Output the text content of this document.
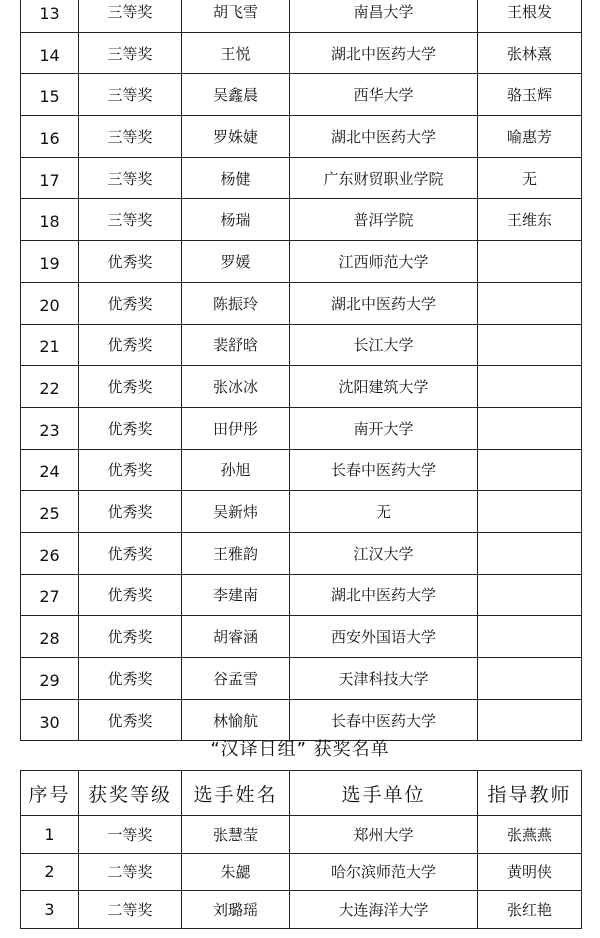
13	三等奖	胡飞雪	南昌大学	王根发
14	三等奖	王悦	湖北中医药大学	张林熹
15	三等奖	吴鑫晨	西华大学	骆玉辉
16	三等奖	罗姝婕	湖北中医药大学	喻惠芳
17	三等奖	杨健	广东财贸职业学院	无
18	三等奖	杨瑞	普洱学院	王维东
19	优秀奖	罗媛	江西师范大学	
20	优秀奖	陈振玲	湖北中医药大学	
21	优秀奖	裴舒晗	长江大学	
22	优秀奖	张冰冰	沈阳建筑大学	
23	优秀奖	田伊彤	南开大学	
24	优秀奖	孙旭	长春中医药大学	
25	优秀奖	吴新炜	无	
26	优秀奖	王雅韵	江汉大学	
27	优秀奖	李建南	湖北中医药大学	
28	优秀奖	胡睿涵	西安外国语大学	
29	优秀奖	谷孟雪	天津科技大学	
30	优秀奖	林愉航	长春中医药大学	
“汉译日组” 获奖名单
序号	获奖等级	选手姓名	选手单位	指导教师
1	一等奖	张慧莹	郑州大学	张燕燕
2	二等奖	朱勰	哈尔滨师范大学	黄明侠
3	二等奖	刘璐瑶	大连海洋大学	张红艳
